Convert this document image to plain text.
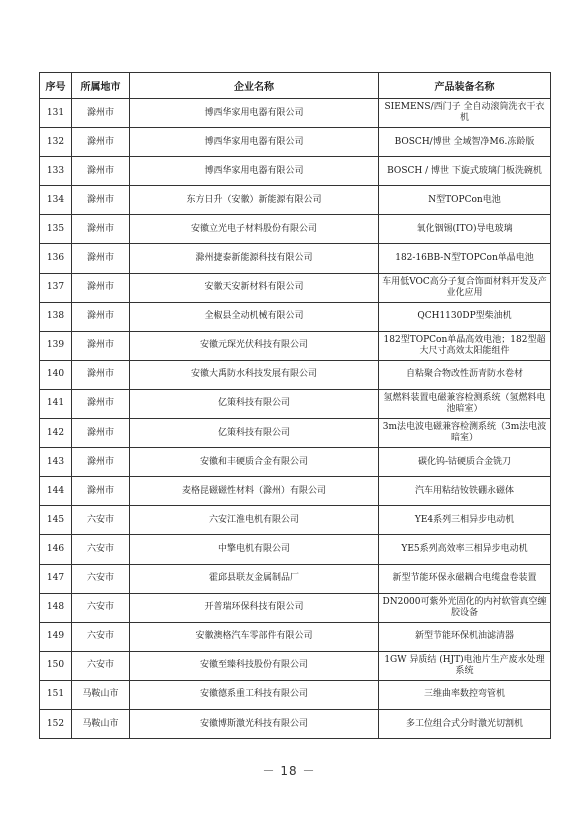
序号	所属地市	企业名称	产品装备名称
131	滁州市	博西华家用电器有限公司	SIEMENS/西门子 全自动滚筒洗衣干衣机
132	滁州市	博西华家用电器有限公司	BOSCH/博世 全域智净M6.冻龄版
133	滁州市	博西华家用电器有限公司	BOSCH / 博世 下旋式玻璃门板洗碗机
134	滁州市	东方日升（安徽）新能源有限公司	N型TOPCon电池
135	滁州市	安徽立光电子材料股份有限公司	氧化铟锡(ITO)导电玻璃
136	滁州市	滁州捷泰新能源科技有限公司	182-16BB-N型TOPCon单晶电池
137	滁州市	安徽天安新材料有限公司	车用低VOC高分子复合饰面材料开发及产业化应用
138	滁州市	全椒县全动机械有限公司	QCH1130DP型柴油机
139	滁州市	安徽元琛光伏科技有限公司	182型TOPCon单晶高效电池；182型超大尺寸高效太阳能组件
140	滁州市	安徽大禹防水科技发展有限公司	自粘聚合物改性沥青防水卷材
141	滁州市	亿策科技有限公司	氢燃料装置电磁兼容检测系统（氢燃料电池暗室）
142	滁州市	亿策科技有限公司	3m法电波电磁兼容检测系统（3m法电波暗室）
143	滁州市	安徽和丰硬质合金有限公司	碳化钨-钴硬质合金铣刀
144	滁州市	麦格昆磁磁性材料（滁州）有限公司	汽车用粘结钕铁硼永磁体
145	六安市	六安江淮电机有限公司	YE4系列三相异步电动机
146	六安市	中擎电机有限公司	YE5系列高效率三相异步电动机
147	六安市	霍邱县联友金属制品厂	新型节能环保永磁耦合电缆盘卷装置
148	六安市	开普瑞环保科技有限公司	DN2000可紫外光固化的内衬软管真空缠胶设备
149	六安市	安徽澳格汽车零部件有限公司	新型节能环保机油滤清器
150	六安市	安徽至臻科技股份有限公司	1GW 异质结 (HJT)电池片生产废水处理系统
151	马鞍山市	安徽德系重工科技有限公司	三维曲率数控弯管机
152	马鞍山市	安徽博斯激光科技有限公司	多工位组合式分时激光切割机
－ 18 －
